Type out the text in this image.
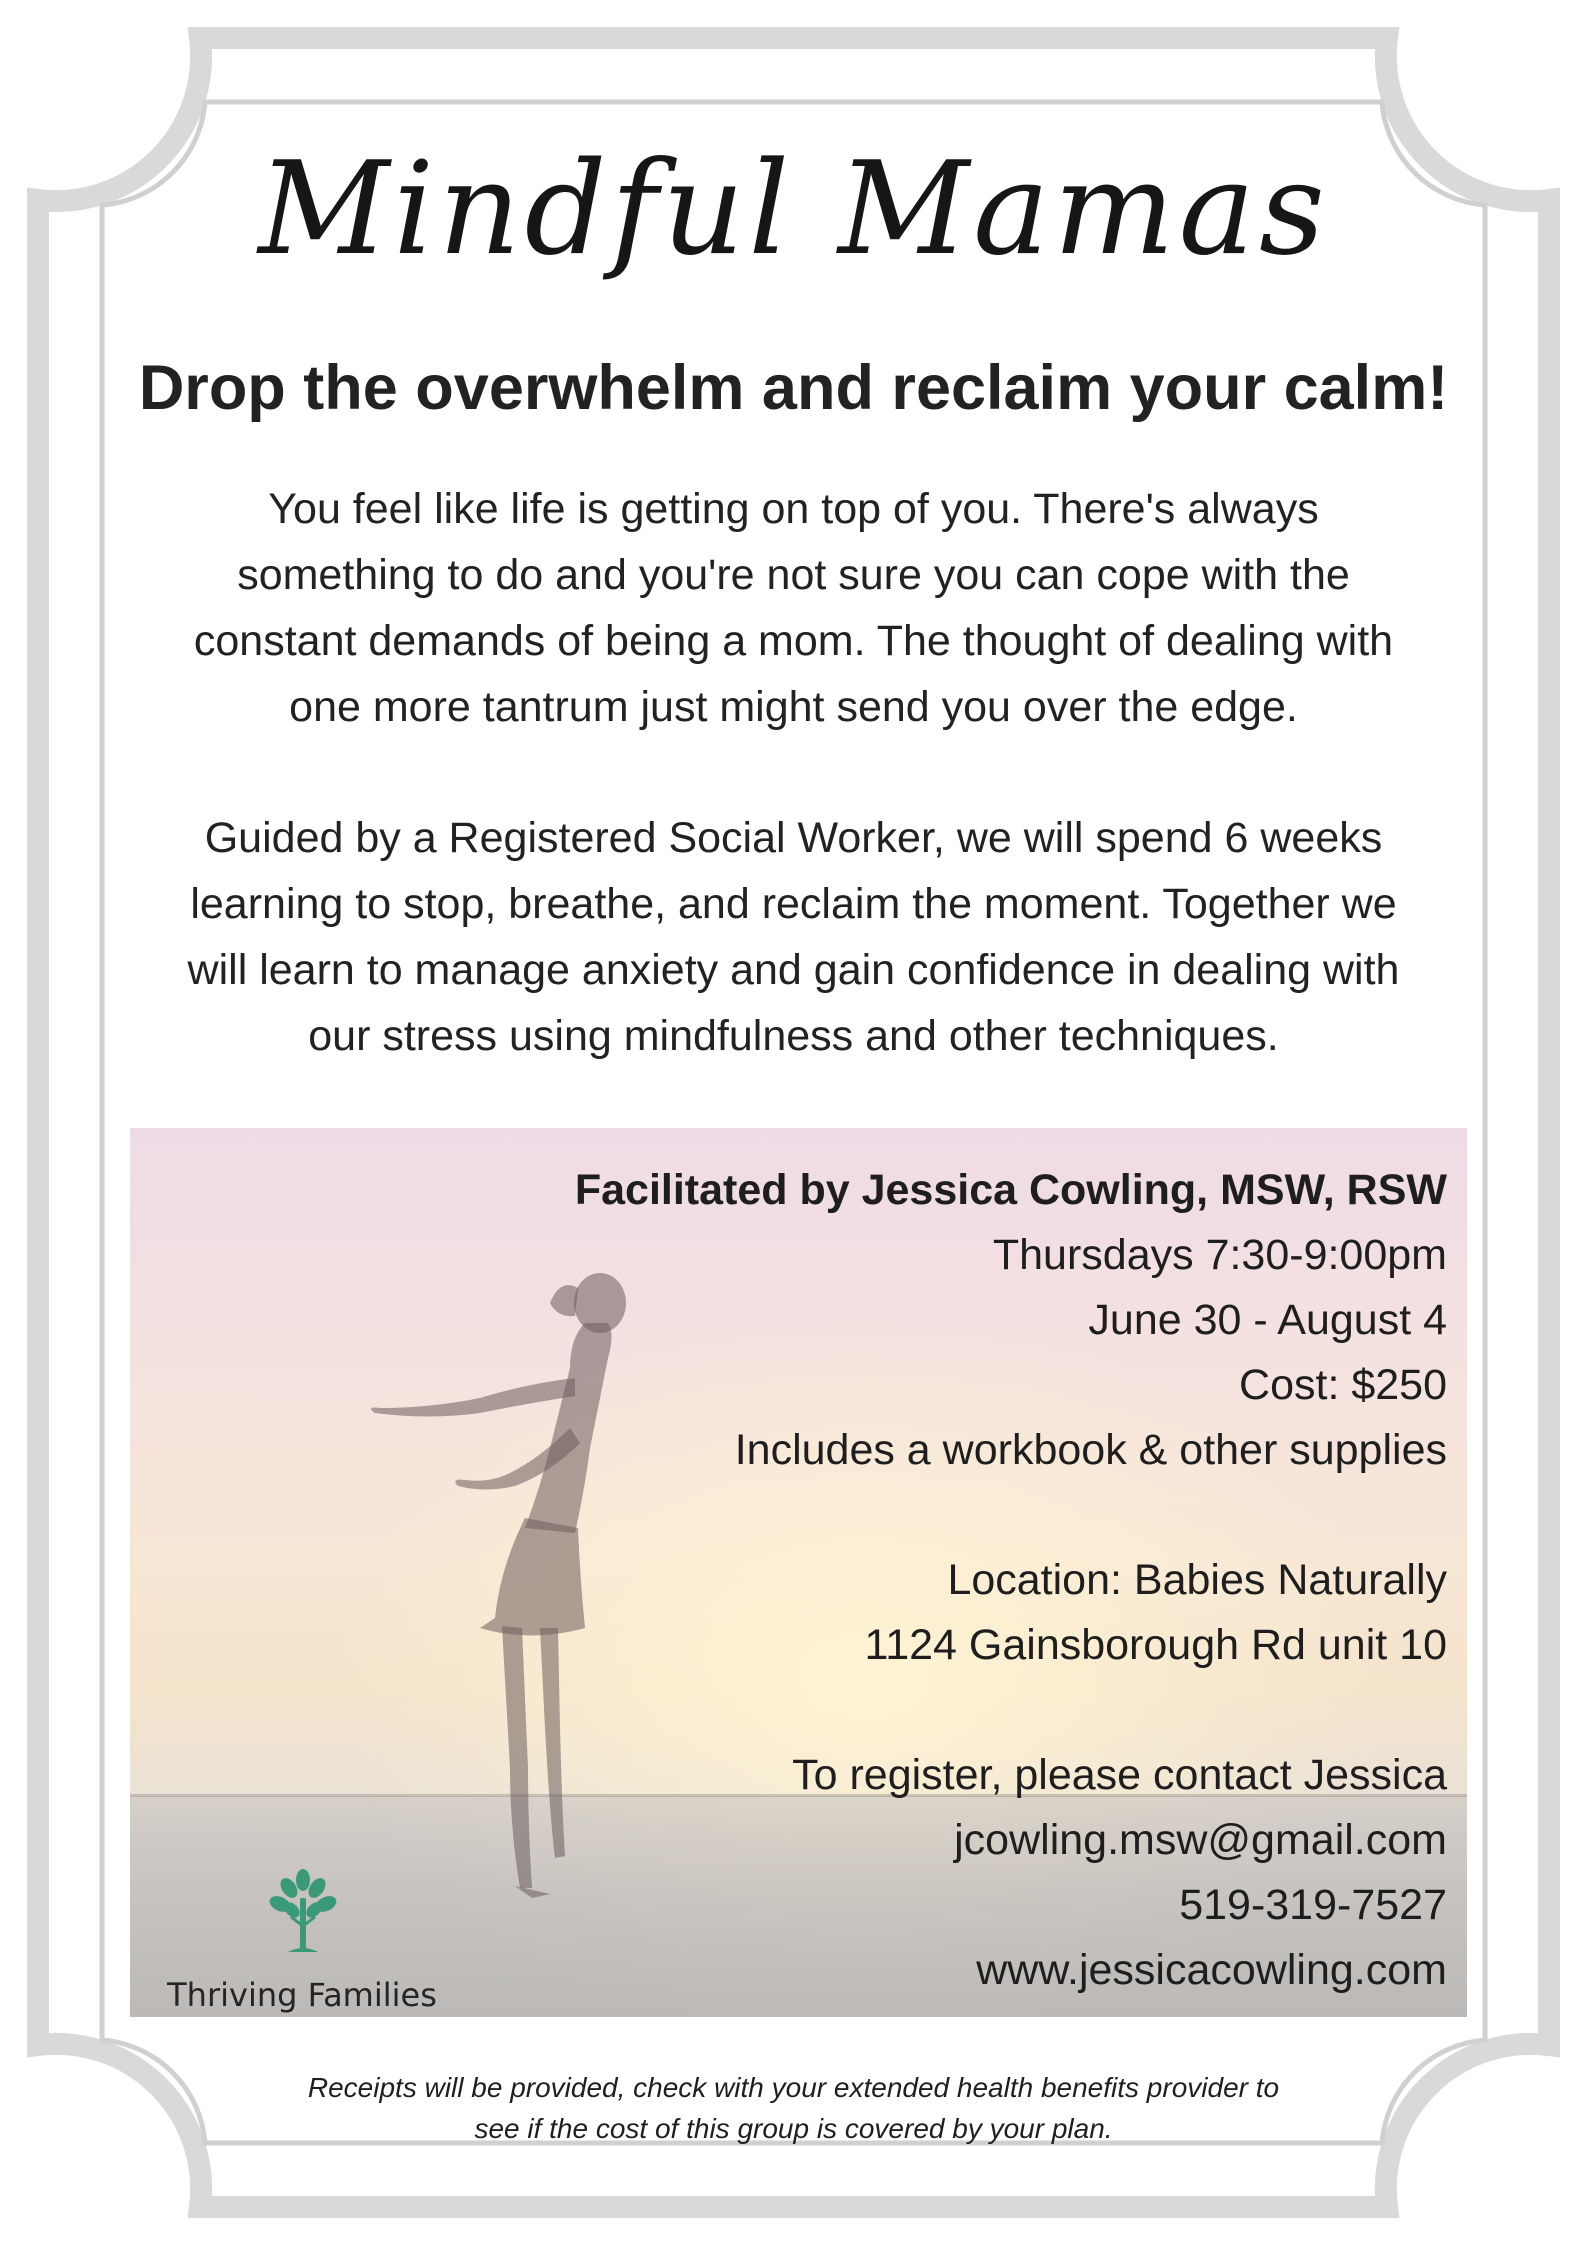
Mindful Mamas
Drop the overwhelm and reclaim your calm!

You feel like life is getting on top of you. There's always
something to do and you're not sure you can cope with the
constant demands of being a mom. The thought of dealing with
one more tantrum just might send you over the edge.

Guided by a Registered Social Worker, we will spend 6 weeks
learning to stop, breathe, and reclaim the moment. Together we
will learn to manage anxiety and gain confidence in dealing with
our stress using mindfulness and other techniques.

Facilitated by Jessica Cowling, MSW, RSW
Thursdays 7:30-9:00pm
June 30 - August 4
Cost: $250
Includes a workbook & other supplies
Location: Babies Naturally
1124 Gainsborough Rd unit 10
To register, please contact Jessica
jcowling.msw@gmail.com
519-319-7527
www.jessicacowling.com
Thriving Families

Receipts will be provided, check with your extended health benefits provider to
see if the cost of this group is covered by your plan.
